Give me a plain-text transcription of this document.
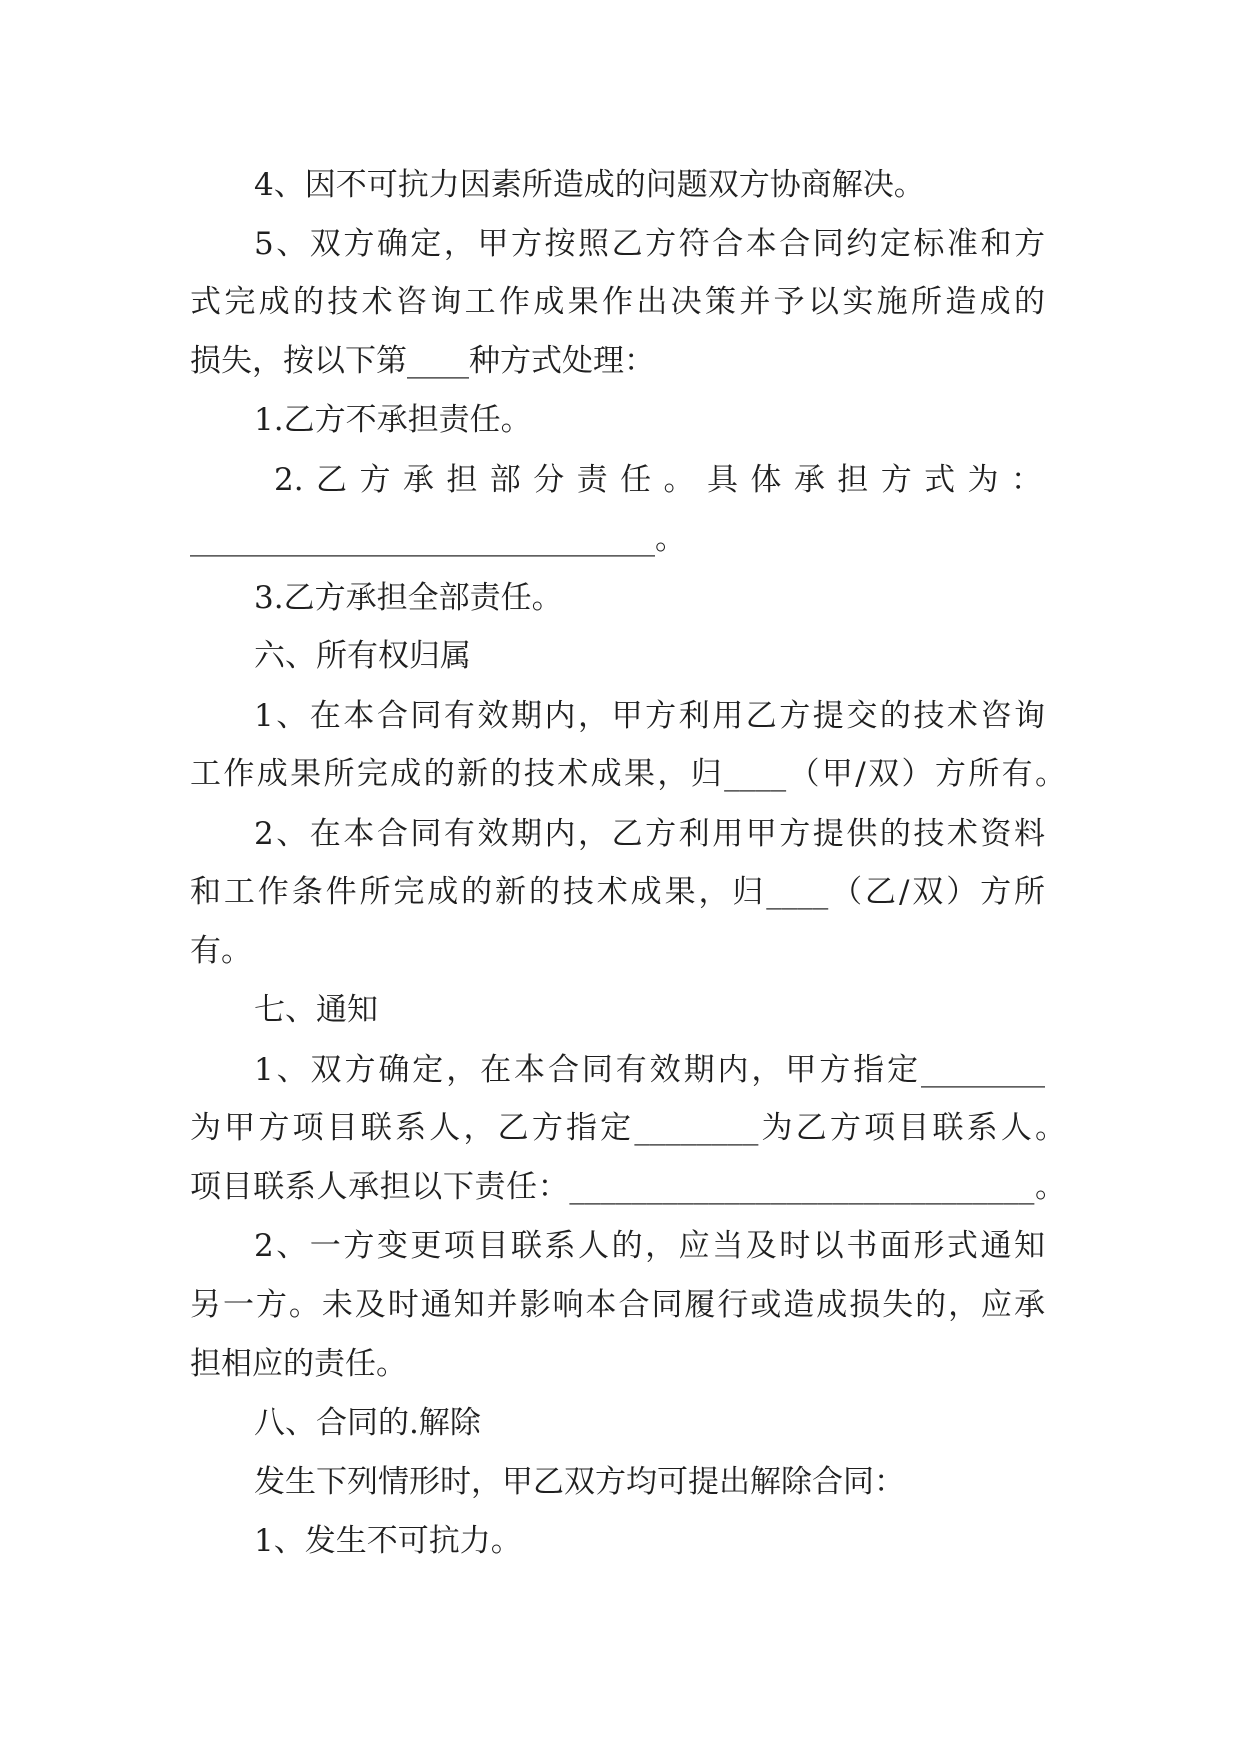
4、因不可抗力因素所造成的问题双方协商解决。

5、双方确定，甲方按照乙方符合本合同约定标准和方

式完成的技术咨询工作成果作出决策并予以实施所造成的

损失，按以下第____种方式处理：

1.乙方不承担责任。

2.乙方承担部分责任。具体承担方式为：

______________________________。

3.乙方承担全部责任。

六、所有权归属

1、在本合同有效期内，甲方利用乙方提交的技术咨询

工作成果所完成的新的技术成果，归____（甲/双）方所有。

2、在本合同有效期内，乙方利用甲方提供的技术资料

和工作条件所完成的新的技术成果，归____（乙/双）方所

有。

七、通知

1、双方确定，在本合同有效期内，甲方指定________

为甲方项目联系人，乙方指定________为乙方项目联系人。

项目联系人承担以下责任：______________________________。

2、一方变更项目联系人的，应当及时以书面形式通知

另一方。未及时通知并影响本合同履行或造成损失的，应承

担相应的责任。

八、合同的.解除

发生下列情形时，甲乙双方均可提出解除合同：

1、发生不可抗力。
